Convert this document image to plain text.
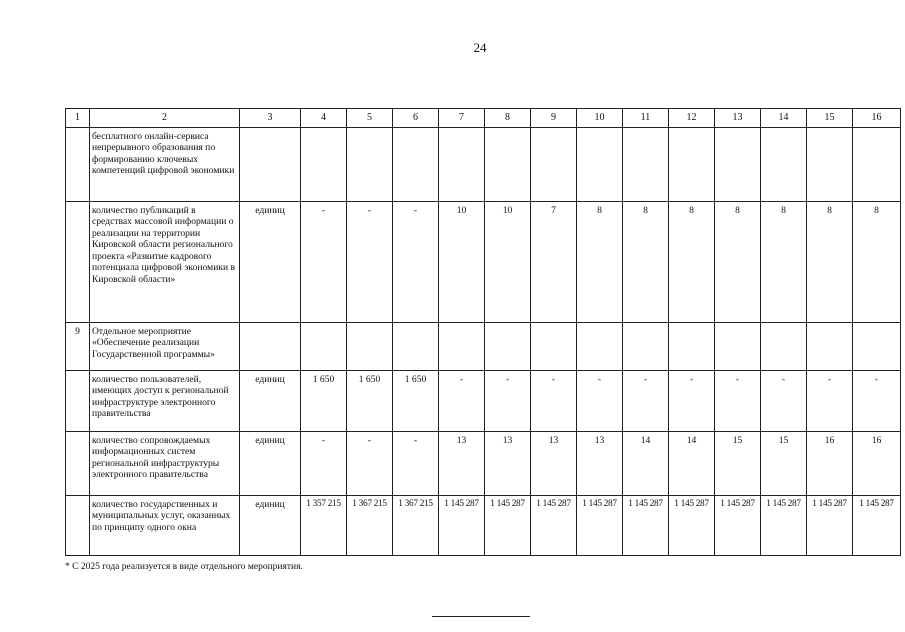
24
1	2	3	4	5	6	7	8	9	10	11	12	13	14	15	16
	бесплатного онлайн-сервиса непрерывного образования по формированию ключевых компетенций цифровой экономики														
	количество публикаций в средствах массовой информации о реализации на территории Кировской области регионального проекта «Развитие кадрового потенциала цифровой экономики в Кировской области»	единиц	-	-	-	10	10	7	8	8	8	8	8	8	8
9	Отдельное мероприятие «Обеспечение реализации Государственной программы»														
	количество пользователей, имеющих доступ к региональной инфраструктуре электронного правительства	единиц	1 650	1 650	1 650	-	-	-	-	-	-	-	-	-	-
	количество сопровождаемых информационных систем региональной инфраструктуры электронного правительства	единиц	-	-	-	13	13	13	13	14	14	15	15	16	16
	количество государственных и муниципальных услуг, оказанных по принципу одного окна	единиц	1 357 215	1 367 215	1 367 215	1 145 287	1 145 287	1 145 287	1 145 287	1 145 287	1 145 287	1 145 287	1 145 287	1 145 287	1 145 287
* С 2025 года реализуется в виде отдельного мероприятия.
